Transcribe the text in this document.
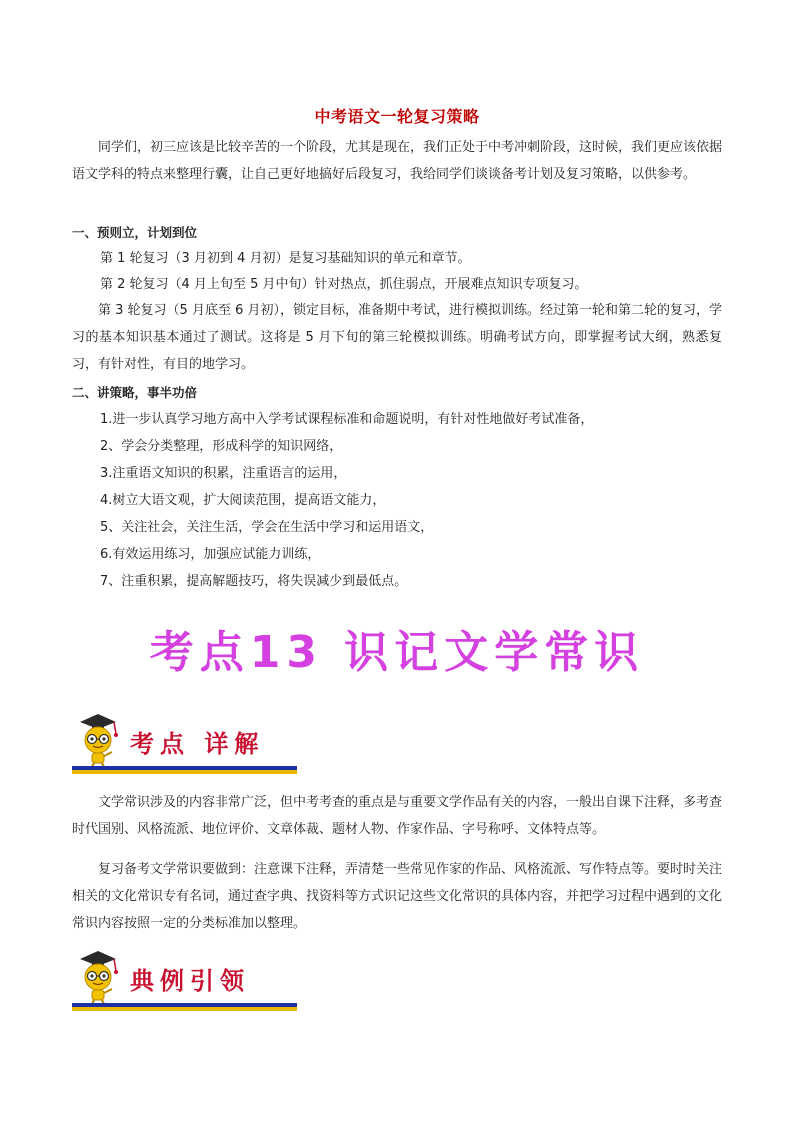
中考语文一轮复习策略

同学们，初三应该是比较辛苦的一个阶段，尤其是现在，我们正处于中考冲刺阶段，这时候，我们更应该依据语文学科的特点来整理行囊，让自己更好地搞好后段复习，我给同学们谈谈备考计划及复习策略，以供参考。

一、预则立，计划到位
第 1 轮复习（3 月初到 4 月初）是复习基础知识的单元和章节。
第 2 轮复习（4 月上旬至 5 月中旬）针对热点，抓住弱点，开展难点知识专项复习。

第 3 轮复习（5 月底至 6 月初），锁定目标，准备期中考试，进行模拟训练。经过第一轮和第二轮的复习，学习的基本知识基本通过了测试。这将是 5 月下旬的第三轮模拟训练。明确考试方向，即掌握考试大纲，熟悉复习，有针对性，有目的地学习。

二、讲策略，事半功倍
1.进一步认真学习地方高中入学考试课程标准和命题说明，有针对性地做好考试准备，
2、学会分类整理，形成科学的知识网络，
3.注重语文知识的积累，注重语言的运用，
4.树立大语文观，扩大阅读范围，提高语文能力，
5、关注社会，关注生活，学会在生活中学习和运用语文，
6.有效运用练习，加强应试能力训练，
7、注重积累，提高解题技巧，将失误减少到最低点。
考点13 识记文学常识
考点 详解

文学常识涉及的内容非常广泛，但中考考查的重点是与重要文学作品有关的内容，一般出自课下注释，多考查时代国别、风格流派、地位评价、文章体裁、题材人物、作家作品、字号称呼、文体特点等。

复习备考文学常识要做到：注意课下注释，弄清楚一些常见作家的作品、风格流派、写作特点等。要时时关注相关的文化常识专有名词，通过查字典、找资料等方式识记这些文化常识的具体内容，并把学习过程中遇到的文化常识内容按照一定的分类标准加以整理。

典例引领
